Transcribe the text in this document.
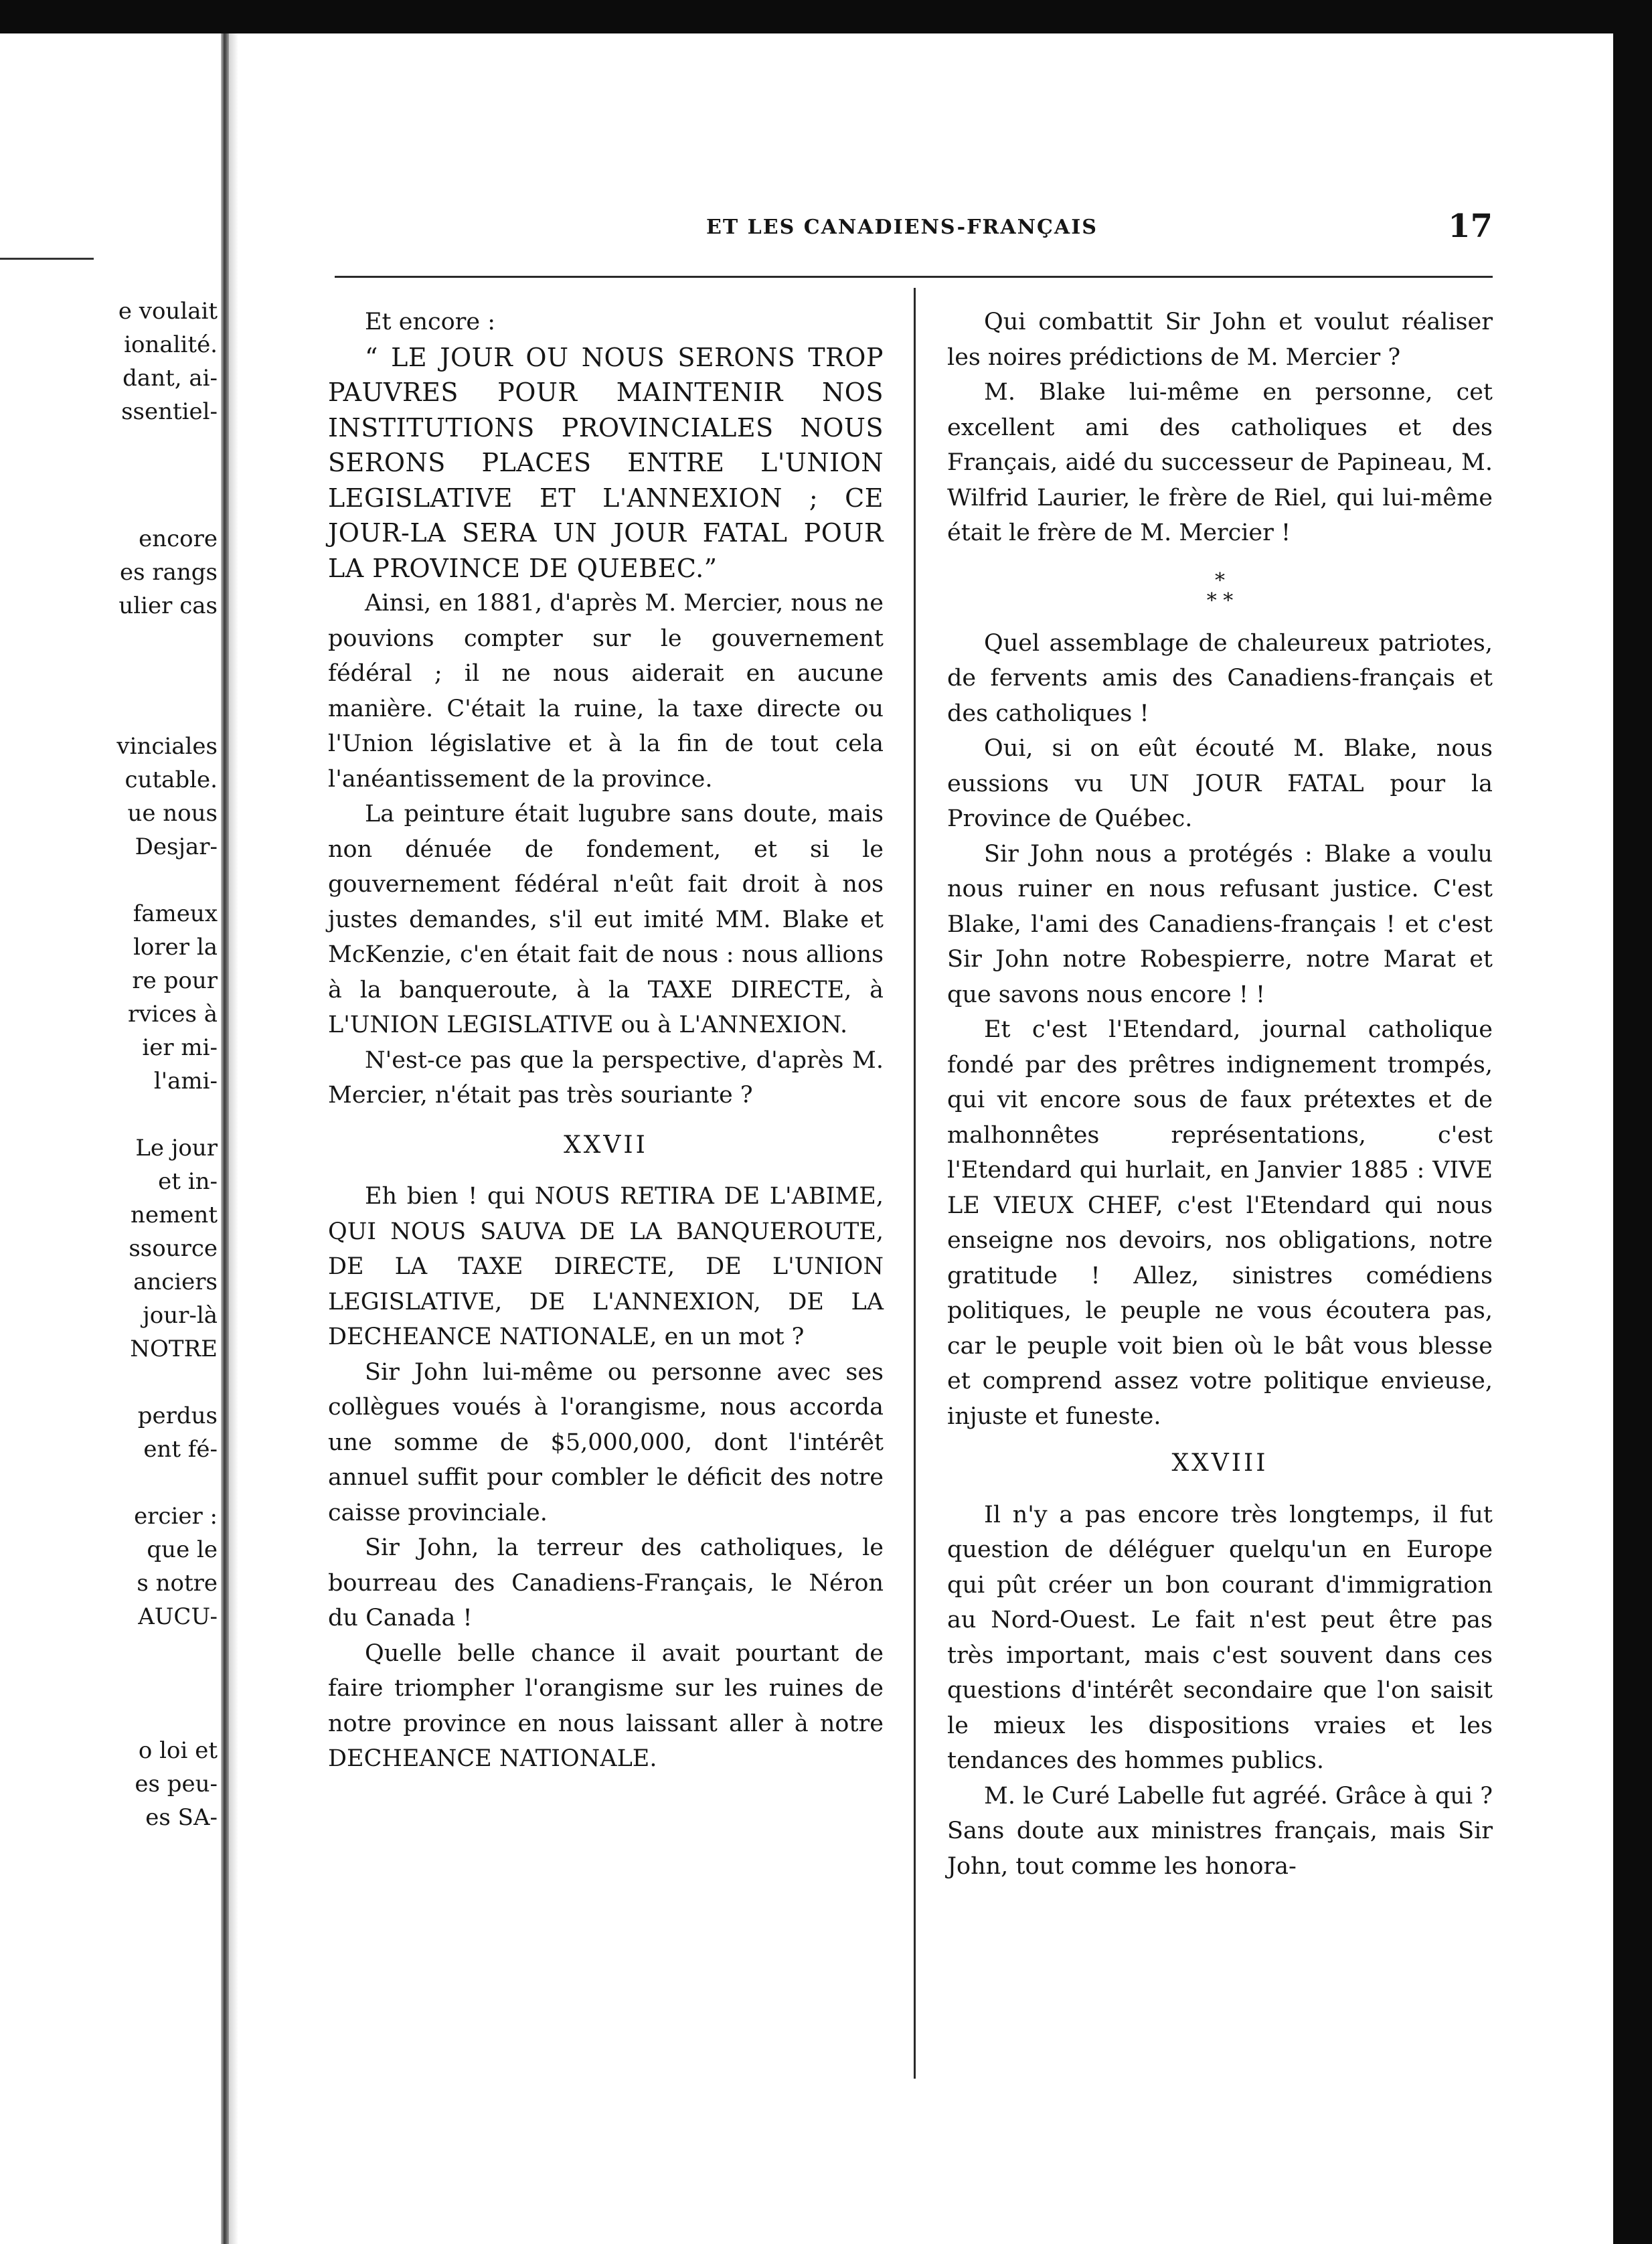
e voulait
ionalité.
dant, ai-
ssentiel-
encore
es rangs
ulier cas
vinciales
cutable.
ue nous
Desjar-
fameux
lorer la
re pour
rvices à
ier mi-
l'ami-
Le jour
et in-
nement
ssource
anciers
jour-là
NOTRE
perdus
ent fé-
ercier :
que le
s notre
AUCU-
o loi et
es peu-
es SA-
ET LES CANADIENS-FRANÇAIS	17

Et encore :

“ LE JOUR OU NOUS SERONS TROP PAUVRES POUR MAINTENIR NOS INSTITUTIONS PROVINCIALES NOUS SERONS PLACES ENTRE L'UNION LEGISLATIVE ET L'ANNEXION ; CE JOUR-LA SERA UN JOUR FATAL POUR LA PROVINCE DE QUEBEC.”

Ainsi, en 1881, d'après M. Mercier, nous ne pouvions compter sur le gouvernement fédéral ; il ne nous aiderait en aucune manière. C'était la ruine, la taxe directe ou l'Union législative et à la fin de tout cela l'anéantissement de la province.

La peinture était lugubre sans doute, mais non dénuée de fondement, et si le gouvernement fédéral n'eût fait droit à nos justes demandes, s'il eut imité MM. Blake et McKenzie, c'en était fait de nous : nous allions à la banqueroute, à la TAXE DIRECTE, à L'UNION LEGISLATIVE ou à L'ANNEXION.

N'est-ce pas que la perspective, d'après M. Mercier, n'était pas très souriante ?

XXVII

Eh bien ! qui NOUS RETIRA DE L'ABIME, QUI NOUS SAUVA DE LA BANQUEROUTE, DE LA TAXE DIRECTE, DE L'UNION LEGISLATIVE, DE L'ANNEXION, DE LA DECHEANCE NATIONALE, en un mot ?

Sir John lui-même ou personne avec ses collègues voués à l'orangisme, nous accorda une somme de $5,000,000, dont l'intérêt annuel suffit pour combler le déficit des notre caisse provinciale.

Sir John, la terreur des catholiques, le bourreau des Canadiens-Français, le Néron du Canada !

Quelle belle chance il avait pourtant de faire triompher l'orangisme sur les ruines de notre province en nous laissant aller à notre DECHEANCE NATIONALE.

Qui combattit Sir John et voulut réaliser les noires prédictions de M. Mercier ?

M. Blake lui-même en personne, cet excellent ami des catholiques et des Français, aidé du successeur de Papineau, M. Wilfrid Laurier, le frère de Riel, qui lui-même était le frère de M. Mercier !

*
* *

Quel assemblage de chaleureux patriotes, de fervents amis des Canadiens-français et des catholiques !

Oui, si on eût écouté M. Blake, nous eussions vu UN JOUR FATAL pour la Province de Québec.

Sir John nous a protégés : Blake a voulu nous ruiner en nous refusant justice. C'est Blake, l'ami des Canadiens-français ! et c'est Sir John notre Robespierre, notre Marat et que savons nous encore ! !

Et c'est l'Etendard, journal catholique fondé par des prêtres indignement trompés, qui vit encore sous de faux prétextes et de malhonnêtes représentations, c'est l'Etendard qui hurlait, en Janvier 1885 : VIVE LE VIEUX CHEF, c'est l'Etendard qui nous enseigne nos devoirs, nos obligations, notre gratitude ! Allez, sinistres comédiens politiques, le peuple ne vous écoutera pas, car le peuple voit bien où le bât vous blesse et comprend assez votre politique envieuse, injuste et funeste.

XXVIII

Il n'y a pas encore très longtemps, il fut question de déléguer quelqu'un en Europe qui pût créer un bon courant d'immigration au Nord-Ouest. Le fait n'est peut être pas très important, mais c'est souvent dans ces questions d'intérêt secondaire que l'on saisit le mieux les dispositions vraies et les tendances des hommes publics.

M. le Curé Labelle fut agréé. Grâce à qui ? Sans doute aux ministres français, mais Sir John, tout comme les honora-
